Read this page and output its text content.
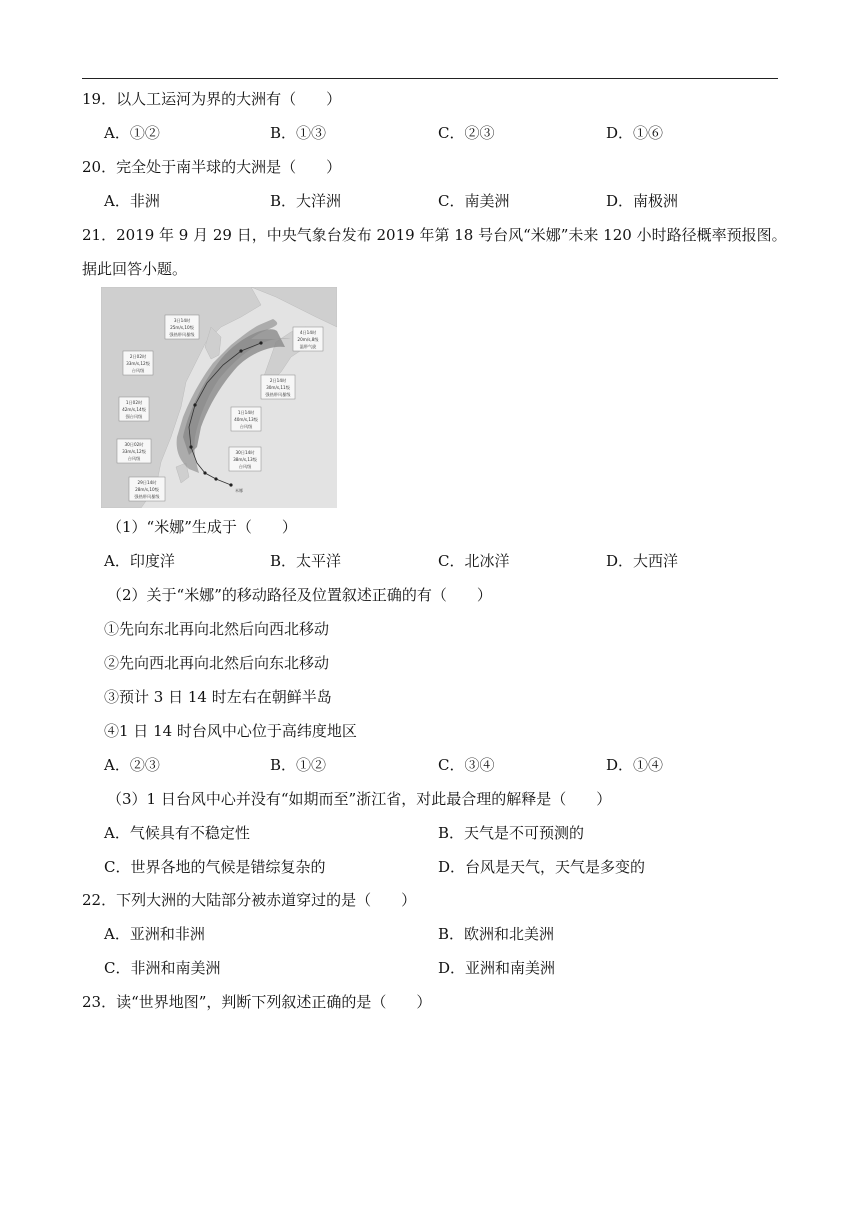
19．以人工运河为界的大洲有（　　）
A．①②	B．①③	C．②③	D．①⑥
20．完全处于南半球的大洲是（　　）
A．非洲	B．大洋洲	C．南美洲	D．南极洲
21．2019 年 9 月 29 日，中央气象台发布 2019 年第 18 号台风“米娜”未来 120 小时路径概率预报图。
据此回答小题。
3日14时
25m/s,10级
强热带风暴级	4日14时
20m/s,8级
温带气旋
2日02时
33m/s,12级
台风级
2日14时
30m/s,11级
强热带风暴级
1日02时
42m/s,14级
强台风级
1日14时
40m/s,13级
台风级
30日02时
33m/s,12级
台风级
30日14时
38m/s,13级
台风级
29日14时
28m/s,10级
强热带风暴级
米娜
（1）“米娜”生成于（　　）
A．印度洋	B．太平洋	C．北冰洋	D．大西洋
（2）关于“米娜”的移动路径及位置叙述正确的有（　　）
①先向东北再向北然后向西北移动
②先向西北再向北然后向东北移动
③预计 3 日 14 时左右在朝鲜半岛
④1 日 14 时台风中心位于高纬度地区
A．②③	B．①②	C．③④	D．①④
（3）1 日台风中心并没有“如期而至”浙江省，对此最合理的解释是（　　）
A．气候具有不稳定性	B．天气是不可预测的
C．世界各地的气候是错综复杂的	D．台风是天气，天气是多变的
22．下列大洲的大陆部分被赤道穿过的是（　　）
A．亚洲和非洲	B．欧洲和北美洲
C．非洲和南美洲	D．亚洲和南美洲
23．读“世界地图”，判断下列叙述正确的是（　　）
